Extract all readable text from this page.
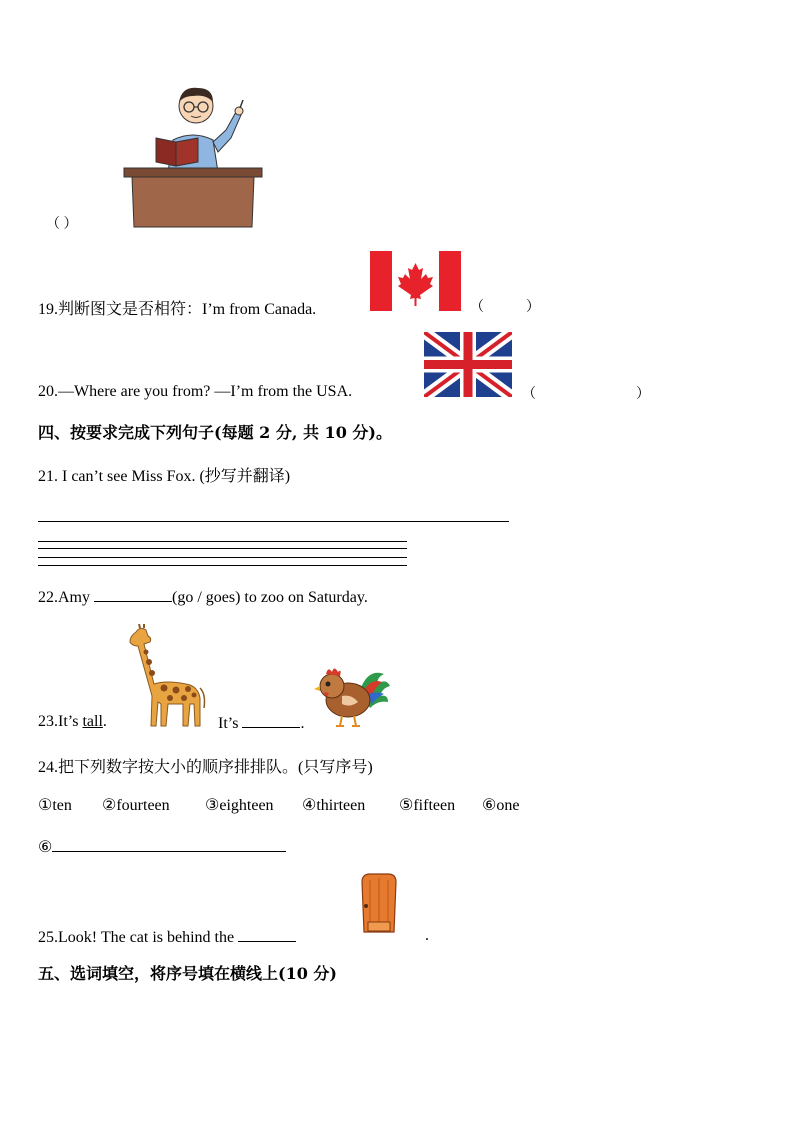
（ ）
19.判断图文是否相符：I’m from Canada.	（	）
20.—Where are you from? —I’m from the USA.	（	）
四、按要求完成下列句子(每题 2 分, 共 10 分)。
21. I can’t see Miss Fox. (抄写并翻译)
22.Amy	(go / goes) to zoo on Saturday.
23.It’s tall.	It’s	.
24.把下列数字按大小的顺序排排队。(只写序号)
①ten ②fourteen ③eighteen ④thirteen ⑤fifteen ⑥one
⑥
25.Look! The cat is behind the	.
五、选词填空，将序号填在横线上(10 分)
